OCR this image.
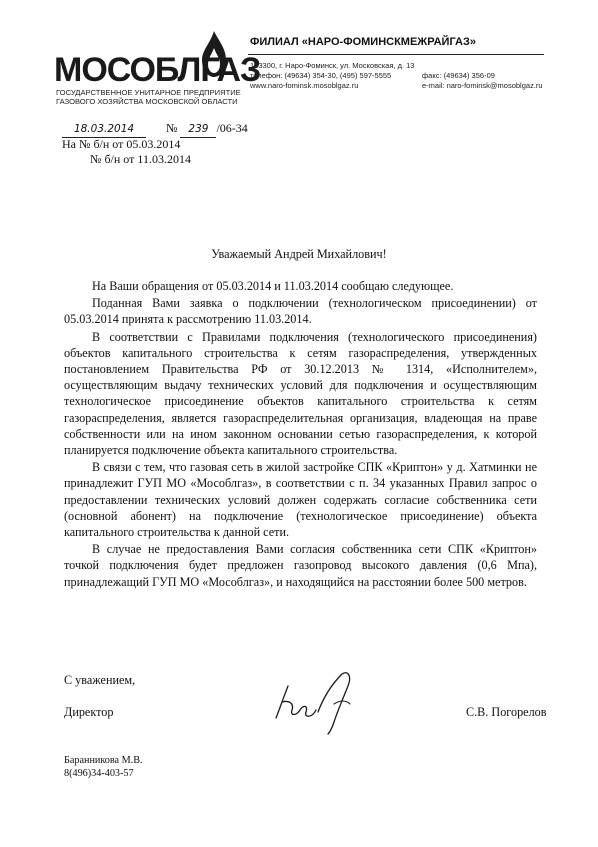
МОСОБЛГАЗ
ГОСУДАРСТВЕННОЕ УНИТАРНОЕ ПРЕДПРИЯТИЕ
ГАЗОВОГО ХОЗЯЙСТВА МОСКОВСКОЙ ОБЛАСТИ
ФИЛИАЛ «НАРО-ФОМИНСКМЕЖРАЙГАЗ»
143300, г. Наро-Фоминск, ул. Московская, д. 13
телефон: (49634) 354-30, (495) 597-5555	факс: (49634) 356-09
www.naro-fominsk.mosoblgaz.ru	e-mail: naro-fominsk@mosoblgaz.ru
18.03.2014	№ 239 /06-34
На № б/н от 05.03.2014
№ б/н от 11.03.2014
Уважаемый Андрей Михайлович!

На Ваши обращения от 05.03.2014 и 11.03.2014 сообщаю следующее.

Поданная Вами заявка о подключении (технологическом присоединении) от 05.03.2014 принята к рассмотрению 11.03.2014.

В соответствии с Правилами подключения (технологического присоединения) объектов капитального строительства к сетям газораспределения, утвержденных постановлением Правительства РФ от 30.12.2013 № 1314, «Исполнителем», осуществляющим выдачу технических условий для подключения и осуществляющим технологическое присоединение объектов капитального строительства к сетям газораспределения, является газораспределительная организация, владеющая на праве собственности или на ином законном основании сетью газораспределения, к которой планируется подключение объекта капитального строительства.

В связи с тем, что газовая сеть в жилой застройке СПК «Криптон» у д. Хатминки не принадлежит ГУП МО «Мособлгаз», в соответствии с п. 34 указанных Правил запрос о предоставлении технических условий должен содержать согласие собственника сети (основной абонент) на подключение (технологическое присоединение) объекта капитального строительства к данной сети.

В случае не предоставления Вами согласия собственника сети СПК «Криптон» точкой подключения будет предложен газопровод высокого давления (0,6 Мпа), принадлежащий ГУП МО «Мособлгаз», и находящийся на расстоянии более 500 метров.

С уважением,
Директор	С.В. Погорелов
Баранникова М.В.
8(496)34-403-57
